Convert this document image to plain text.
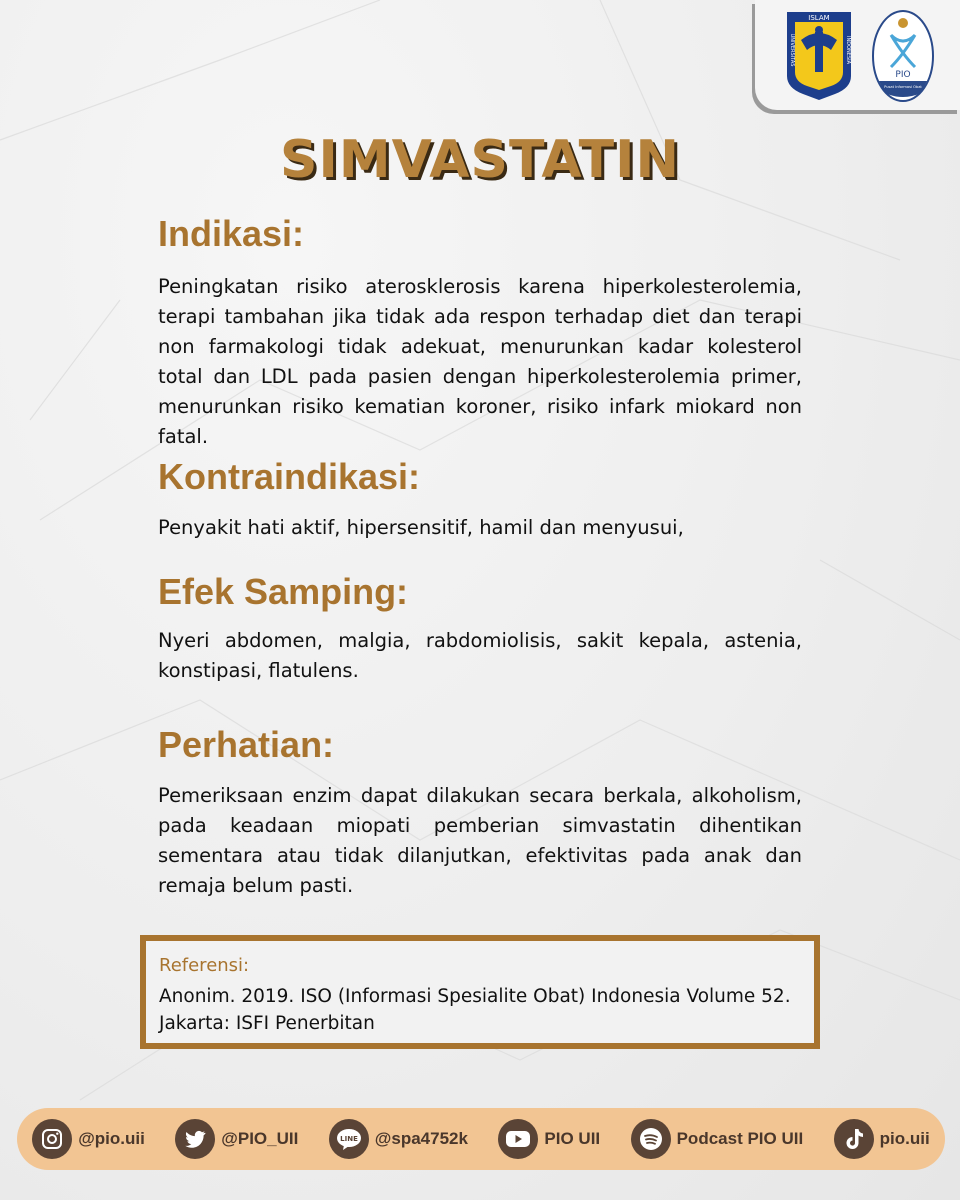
ISLAM
UNIVERSITAS	INDONESIA
PIO
Pusat Informasi Obat
SIMVASTATIN
Indikasi:

Peningkatan risiko aterosklerosis karena hiperkolesterolemia, terapi tambahan jika tidak ada respon terhadap diet dan terapi non farmakologi tidak adekuat, menurunkan kadar kolesterol total dan LDL pada pasien dengan hiperkolesterolemia primer, menurunkan risiko kematian koroner, risiko infark miokard non fatal.

Kontraindikasi:

Penyakit hati aktif, hipersensitif, hamil dan menyusui,

Efek Samping:

Nyeri abdomen, malgia, rabdomiolisis, sakit kepala, astenia, konstipasi, flatulens.

Perhatian:

Pemeriksaan enzim dapat dilakukan secara berkala, alkoholism, pada keadaan miopati pemberian simvastatin dihentikan sementara atau tidak dilanjutkan, efektivitas pada anak dan remaja belum pasti.

Referensi:
Anonim. 2019. ISO (Informasi Spesialite Obat) Indonesia Volume 52. Jakarta: ISFI Penerbitan
@pio.uii	@PIO_UII	LINE @spa4752k	PIO UII	Podcast PIO UII	pio.uii
